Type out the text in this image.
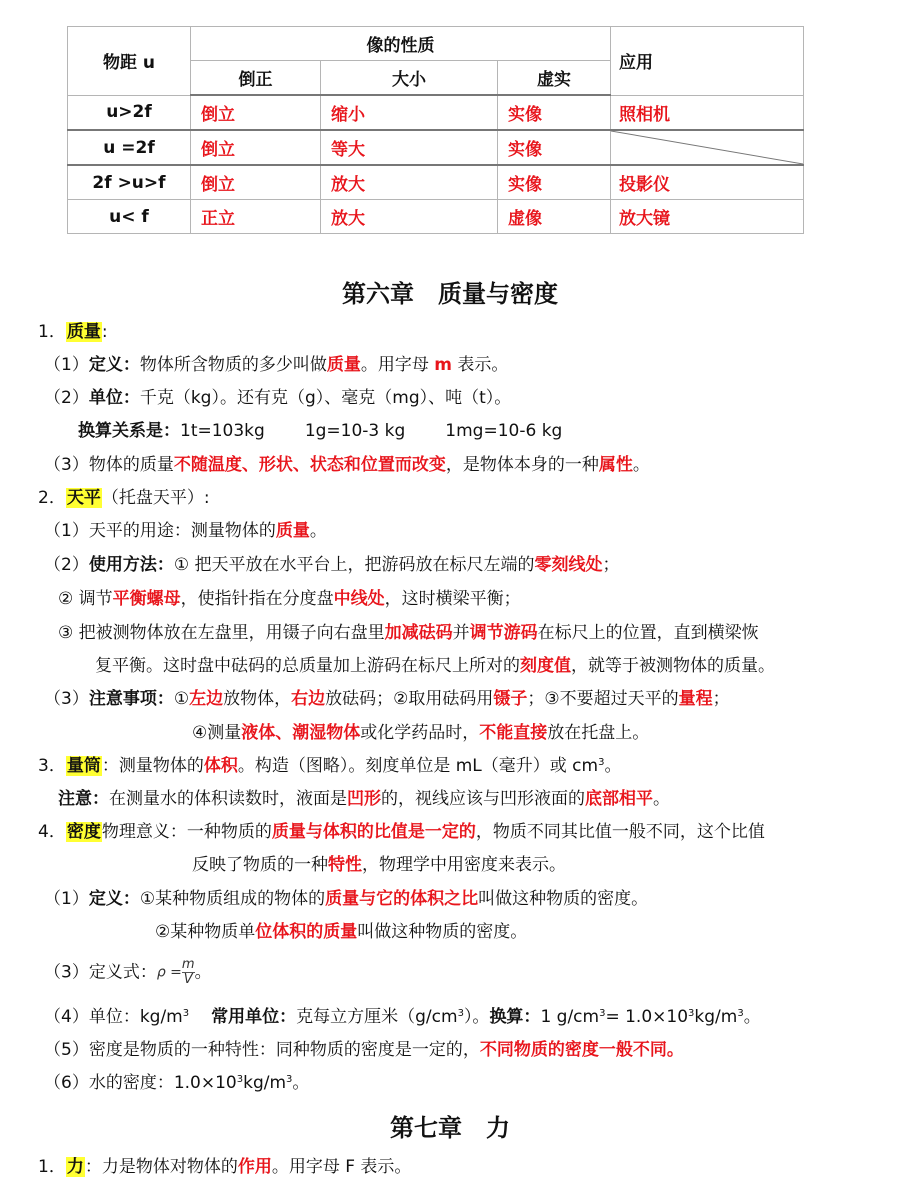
物距 u	像的性质			应用
	倒正	大小	虚实	
u>2f	倒立	缩小	实像	照相机
u =2f	倒立	等大	实像	

2f >u>f	倒立	放大	实像	投影仪
u< f	正立	放大	虚像	放大镜
第六章　质量与密度
1．质量:
（1）定义：物体所含物质的多少叫做质量。用字母 m 表示。
（2）单位：千克（kg）。还有克（g）、毫克（mg）、吨（t）。
换算关系是：1t=103kg 1g=10-3 kg 1mg=10-6 kg
（3）物体的质量不随温度、形状、状态和位置而改变，是物体本身的一种属性。
2．天平（托盘天平）:
（1）天平的用途：测量物体的质量。
（2）使用方法：① 把天平放在水平台上，把游码放在标尺左端的零刻线处；
② 调节平衡螺母，使指针指在分度盘中线处，这时横梁平衡；
③ 把被测物体放在左盘里，用镊子向右盘里加减砝码并调节游码在标尺上的位置，直到横梁恢
复平衡。这时盘中砝码的总质量加上游码在标尺上所对的刻度值，就等于被测物体的质量。
（3）注意事项：①左边放物体，右边放砝码；②取用砝码用镊子；③不要超过天平的量程；
④测量液体、潮湿物体或化学药品时，不能直接放在托盘上。
3．量筒：测量物体的体积。构造（图略）。刻度单位是 mL（毫升）或 $cm^3$。
注意：在测量水的体积读数时，液面是凹形的，视线应该与凹形液面的底部相平。
4．密度物理意义：一种物质的质量与体积的比值是一定的，物质不同其比值一般不同，这个比值
反映了物质的一种特性，物理学中用密度来表示。
（1）定义：①某种物质组成的物体的质量与它的体积之比叫做这种物质的密度。
②某种物质单位体积的质量叫做这种物质的密度。
（3）定义式：$\rho = \frac{m}{V}$ 。
（4）单位：$kg/m^3$ 常用单位：克每立方厘米$(g/cm^3)$。换算：1 $g/cm^3= 1.0\times 10^3kg/m^3$。
（5）密度是物质的一种特性：同种物质的密度是一定的，不同物质的密度一般不同。
（6）水的密度：$1.0\times 10^3kg/m^3$。
第七章　力
1．力：力是物体对物体的作用。用字母 F 表示。
